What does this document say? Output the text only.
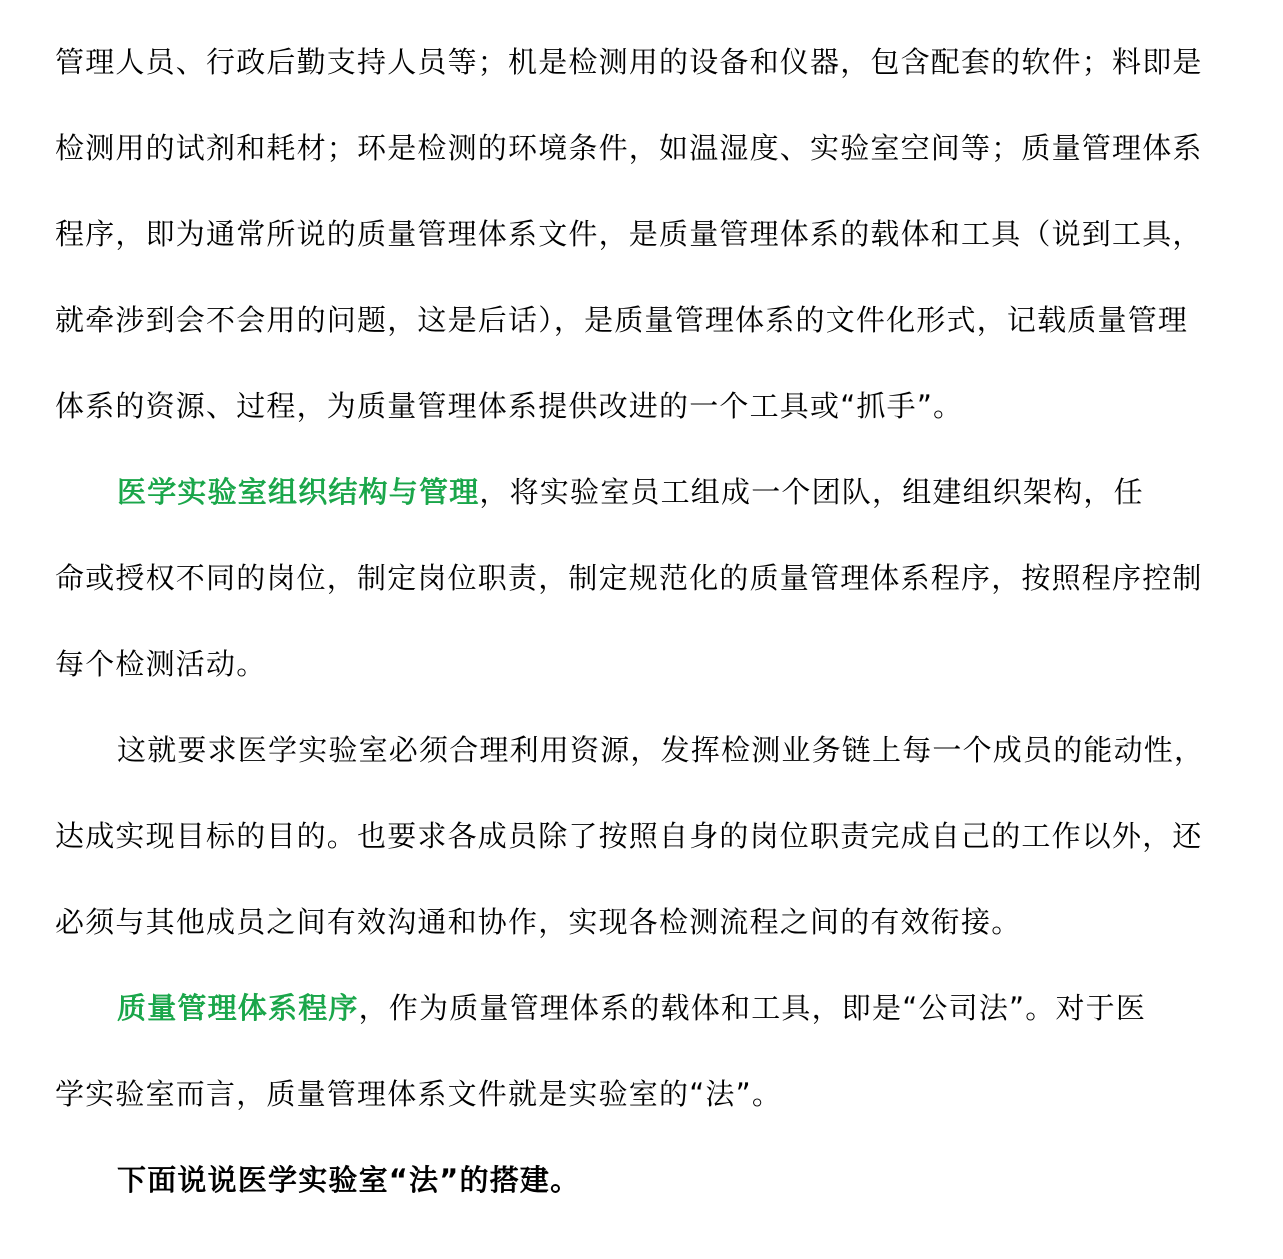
管理人员、行政后勤支持人员等；机是检测用的设备和仪器，包含配套的软件；料即是
检测用的试剂和耗材；环是检测的环境条件，如温湿度、实验室空间等；质量管理体系
程序，即为通常所说的质量管理体系文件，是质量管理体系的载体和工具（说到工具，
就牵涉到会不会用的问题，这是后话），是质量管理体系的文件化形式，记载质量管理
体系的资源、过程，为质量管理体系提供改进的一个工具或“抓手”。
医学实验室组织结构与管理，将实验室员工组成一个团队，组建组织架构，任
命或授权不同的岗位，制定岗位职责，制定规范化的质量管理体系程序，按照程序控制
每个检测活动。
这就要求医学实验室必须合理利用资源，发挥检测业务链上每一个成员的能动性，
达成实现目标的目的。也要求各成员除了按照自身的岗位职责完成自己的工作以外，还
必须与其他成员之间有效沟通和协作，实现各检测流程之间的有效衔接。
质量管理体系程序，作为质量管理体系的载体和工具，即是“公司法”。对于医
学实验室而言，质量管理体系文件就是实验室的“法”。
下面说说医学实验室“法”的搭建。
